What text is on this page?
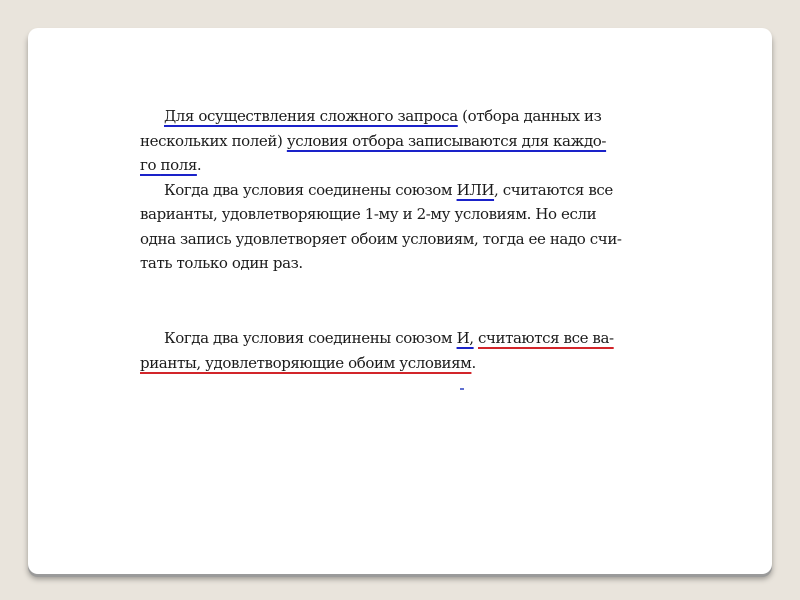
Для осуществления сложного запроса (отбора данных из
нескольких полей) условия отбора записываются для каждо-
го поля.
Когда два условия соединены союзом ИЛИ, считаются все
варианты, удовлетворяющие 1-му и 2-му условиям. Но если
одна запись удовлетворяет обоим условиям, тогда ее надо счи-
тать только один раз.
Когда два условия соединены союзом И, считаются все ва-
рианты, удовлетворяющие обоим условиям.
